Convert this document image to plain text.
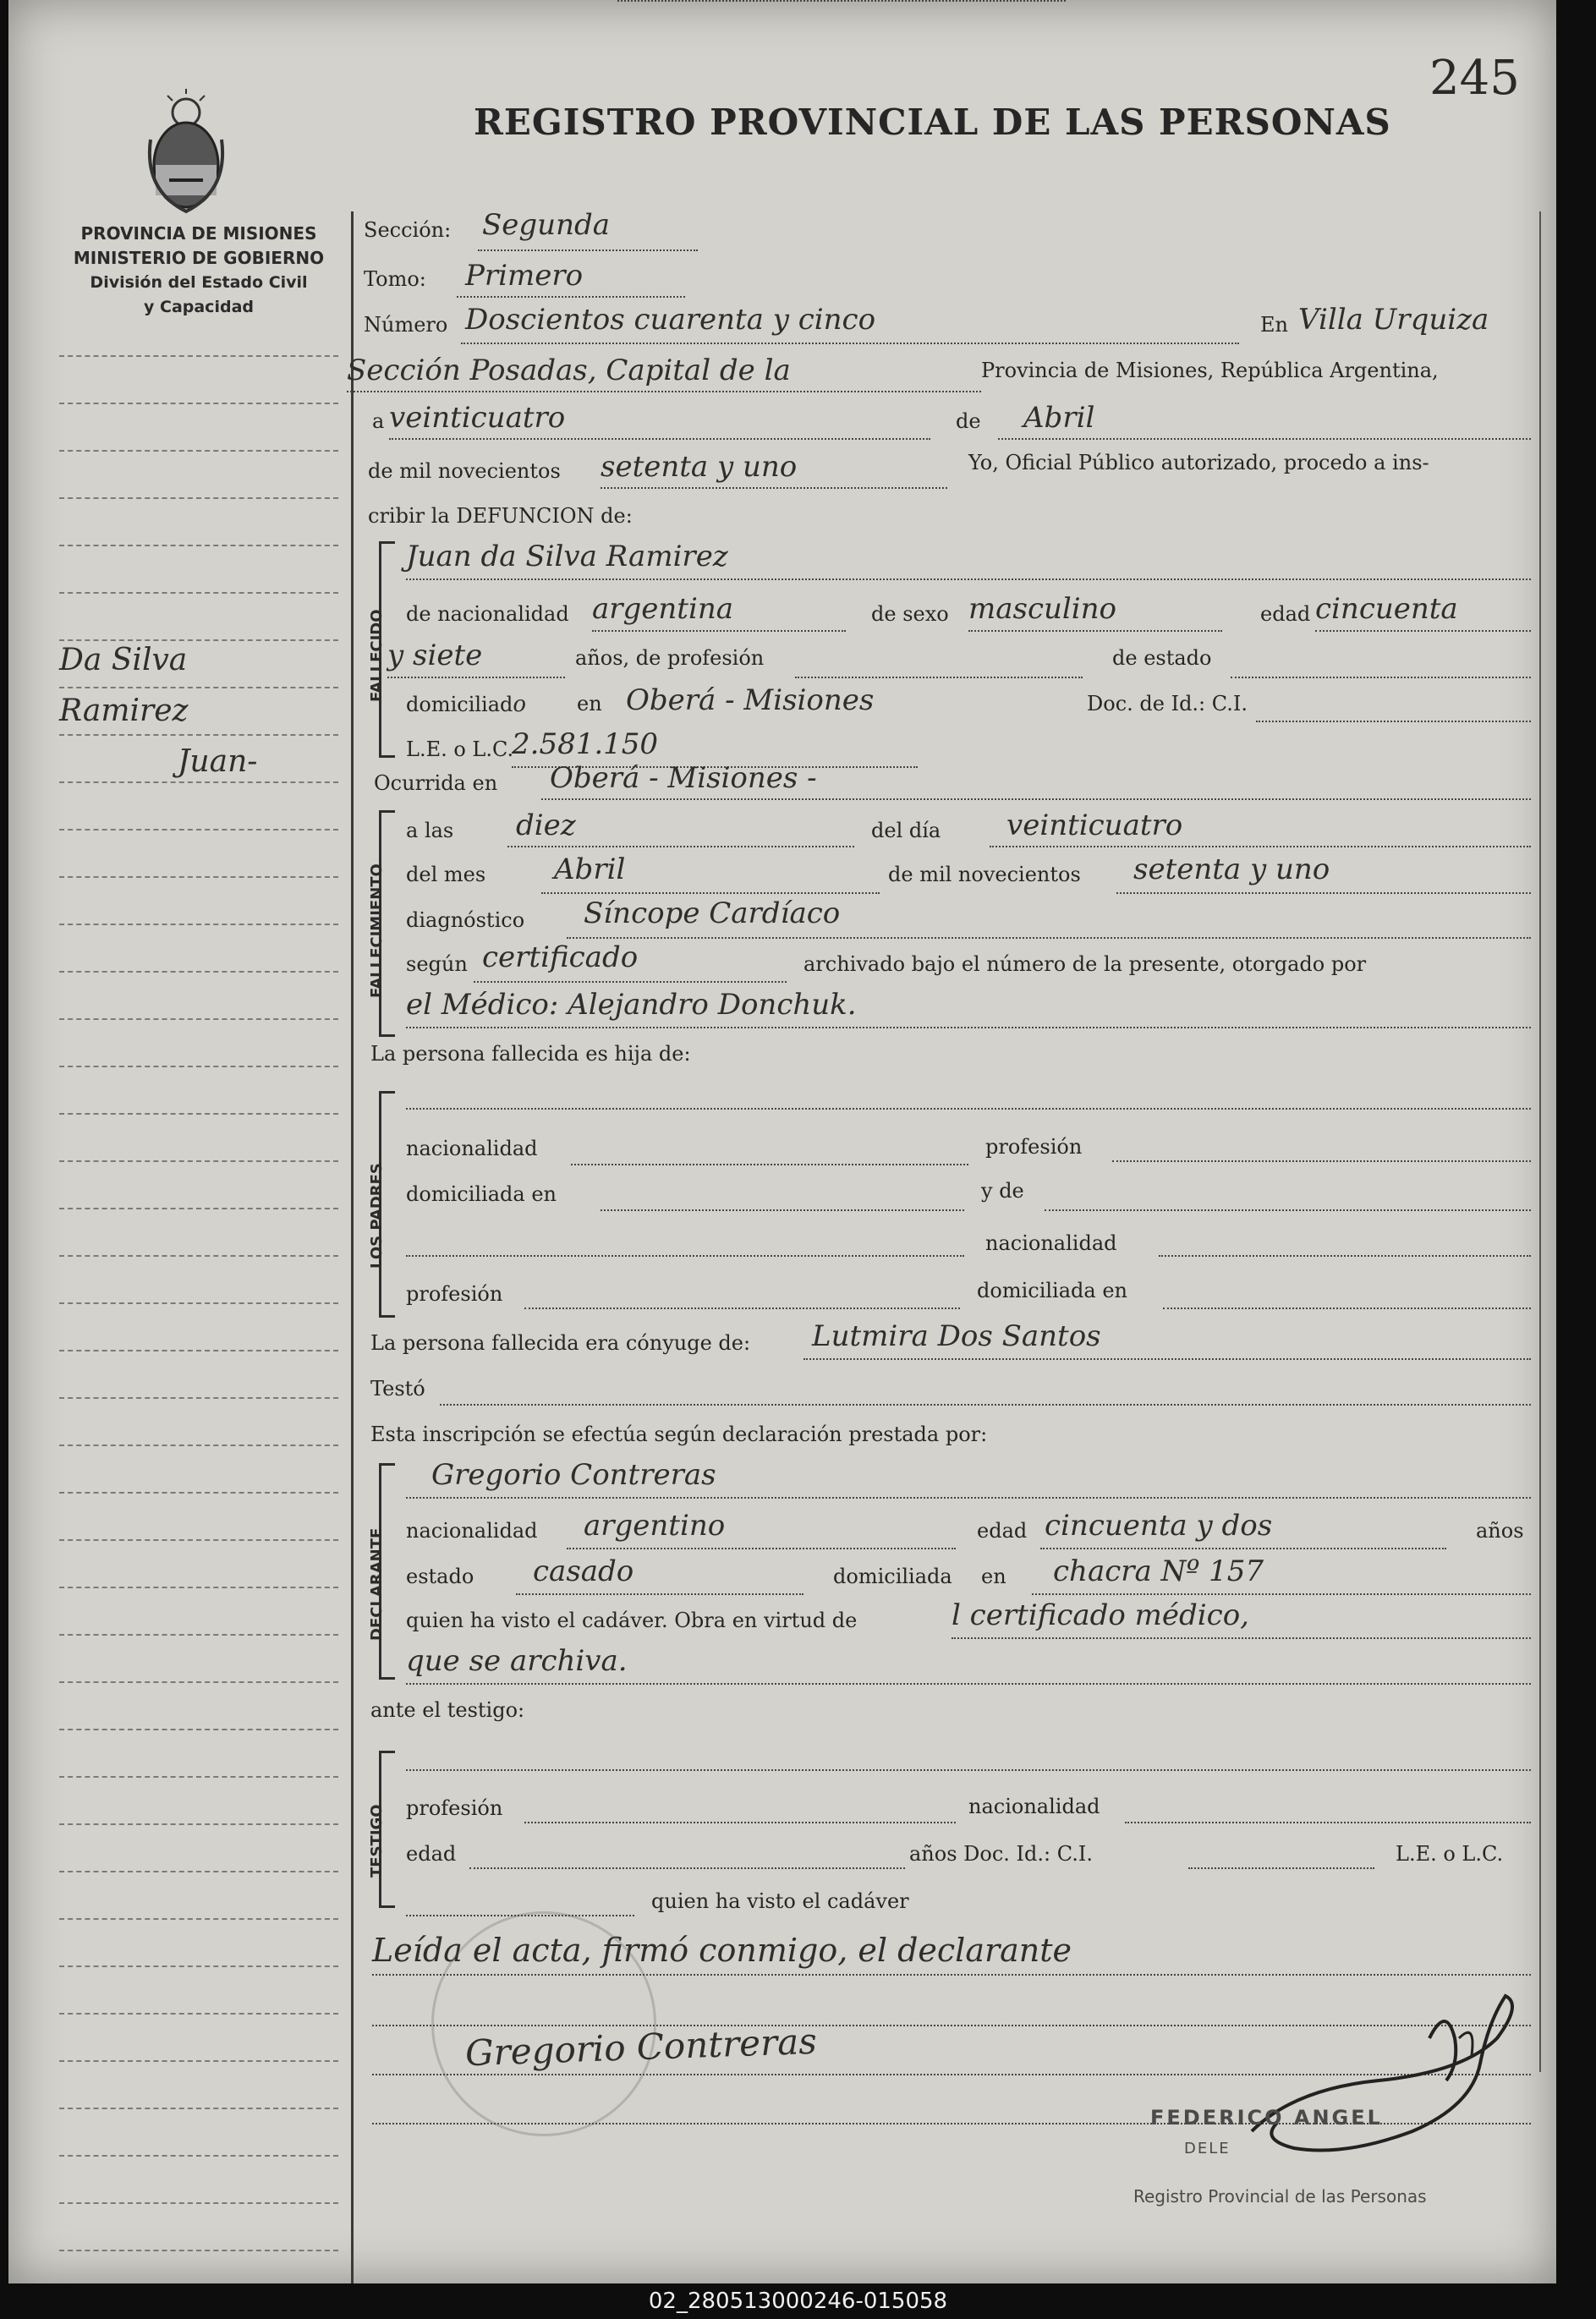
245
REGISTRO PROVINCIAL DE LAS PERSONAS
PROVINCIA DE MISIONES
MINISTERIO DE GOBIERNO
División del Estado Civil
y Capacidad
Da Silva
Ramirez
Juan-
Sección: Segunda
Tomo: Primero
Número Doscientos cuarenta y cinco	En Villa Urquiza
Sección Posadas, Capital de la	Provincia de Misiones, República Argentina,
a veinticuatro	de Abril
de mil novecientos setenta y uno	Yo, Oficial Público autorizado, procedo a ins-
cribir la DEFUNCION de:
FALLECIDO
Juan da Silva Ramirez
de nacionalidad argentina	de sexo masculino	edad cincuenta
y siete	años, de profesión	de estado
domiciliado en Oberá - Misiones	Doc. de Id.: C.I.
L.E. o L.C.
2.581.150
Ocurrida en Oberá - Misiones -
FALLECIMIENTO
a las diez	del día veinticuatro
del mes Abril	de mil novecientos setenta y uno
diagnóstico Síncope Cardíaco
según certificado	archivado bajo el número de la presente, otorgado por
el Médico: Alejandro Donchuk.
La persona fallecida es hija de:
LOS PADRES
nacionalidad	profesión
domiciliada en	y de
nacionalidad
profesión	domiciliada en
La persona fallecida era cónyuge de: Lutmira Dos Santos
Testó
Esta inscripción se efectúa según declaración prestada por:
DECLARANTE
Gregorio Contreras
nacionalidad argentino	edad cincuenta y dos	años
estado casado	domiciliada en chacra Nº 157
quien ha visto el cadáver. Obra en virtud de	l certificado médico,
que se archiva.
ante el testigo:
TESTIGO profesión	nacionalidad
edad	años Doc. Id.: C.I.	L.E. o L.C.
quien ha visto el cadáver
Leída el acta, firmó conmigo, el declarante
Gregorio Contreras
FEDERICO ANGEL
DELE
Registro Provincial de las Personas
02_280513000246-015058
